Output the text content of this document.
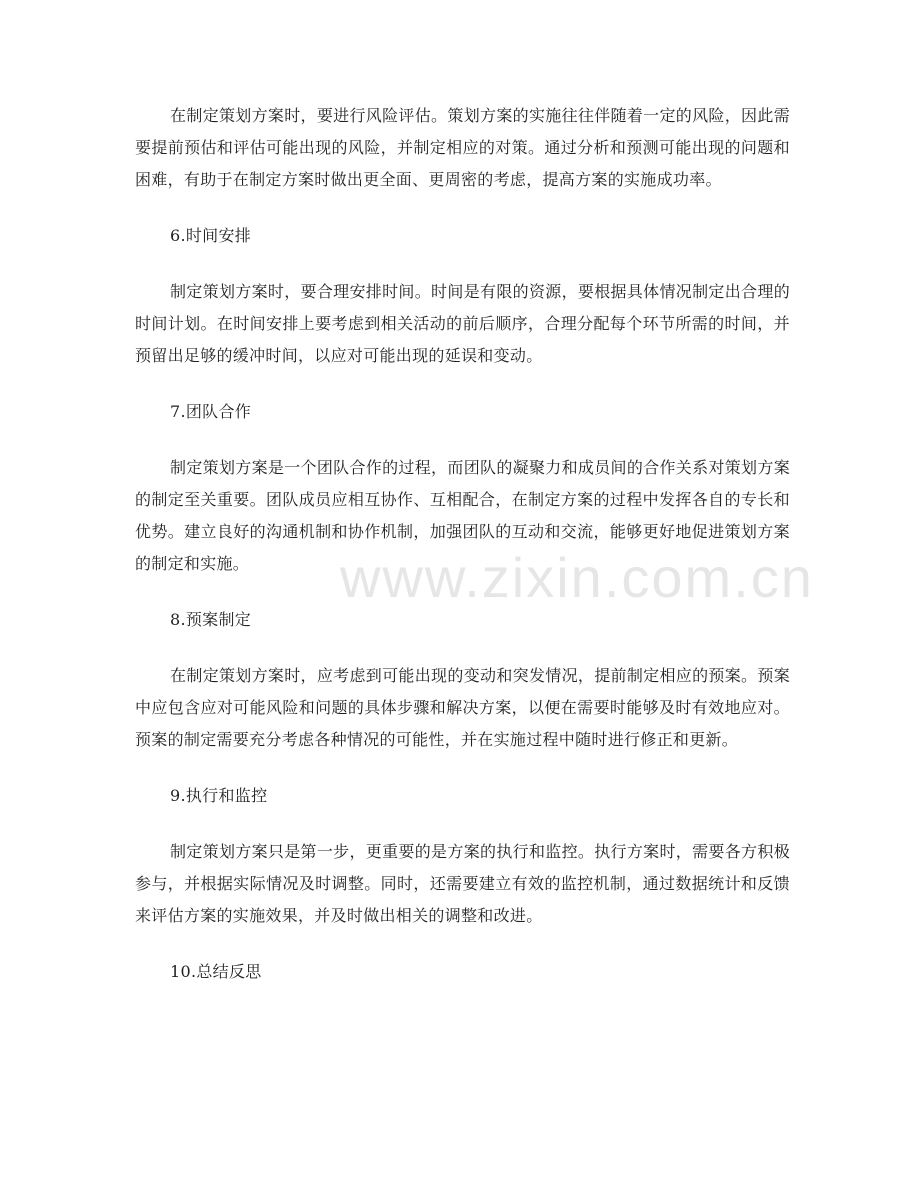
在制定策划方案时，要进行风险评估。策划方案的实施往往伴随着一定的风险，因此需要提前预估和评估可能出现的风险，并制定相应的对策。通过分析和预测可能出现的问题和困难，有助于在制定方案时做出更全面、更周密的考虑，提高方案的实施成功率。

6.时间安排

制定策划方案时，要合理安排时间。时间是有限的资源，要根据具体情况制定出合理的时间计划。在时间安排上要考虑到相关活动的前后顺序，合理分配每个环节所需的时间，并预留出足够的缓冲时间，以应对可能出现的延误和变动。

7.团队合作

制定策划方案是一个团队合作的过程，而团队的凝聚力和成员间的合作关系对策划方案的制定至关重要。团队成员应相互协作、互相配合，在制定方案的过程中发挥各自的专长和优势。建立良好的沟通机制和协作机制，加强团队的互动和交流，能够更好地促进策划方案的制定和实施。

8.预案制定

在制定策划方案时，应考虑到可能出现的变动和突发情况，提前制定相应的预案。预案中应包含应对可能风险和问题的具体步骤和解决方案，以便在需要时能够及时有效地应对。预案的制定需要充分考虑各种情况的可能性，并在实施过程中随时进行修正和更新。

9.执行和监控

制定策划方案只是第一步，更重要的是方案的执行和监控。执行方案时，需要各方积极参与，并根据实际情况及时调整。同时，还需要建立有效的监控机制，通过数据统计和反馈来评估方案的实施效果，并及时做出相关的调整和改进。

10.总结反思

www.zixin.com.cn
